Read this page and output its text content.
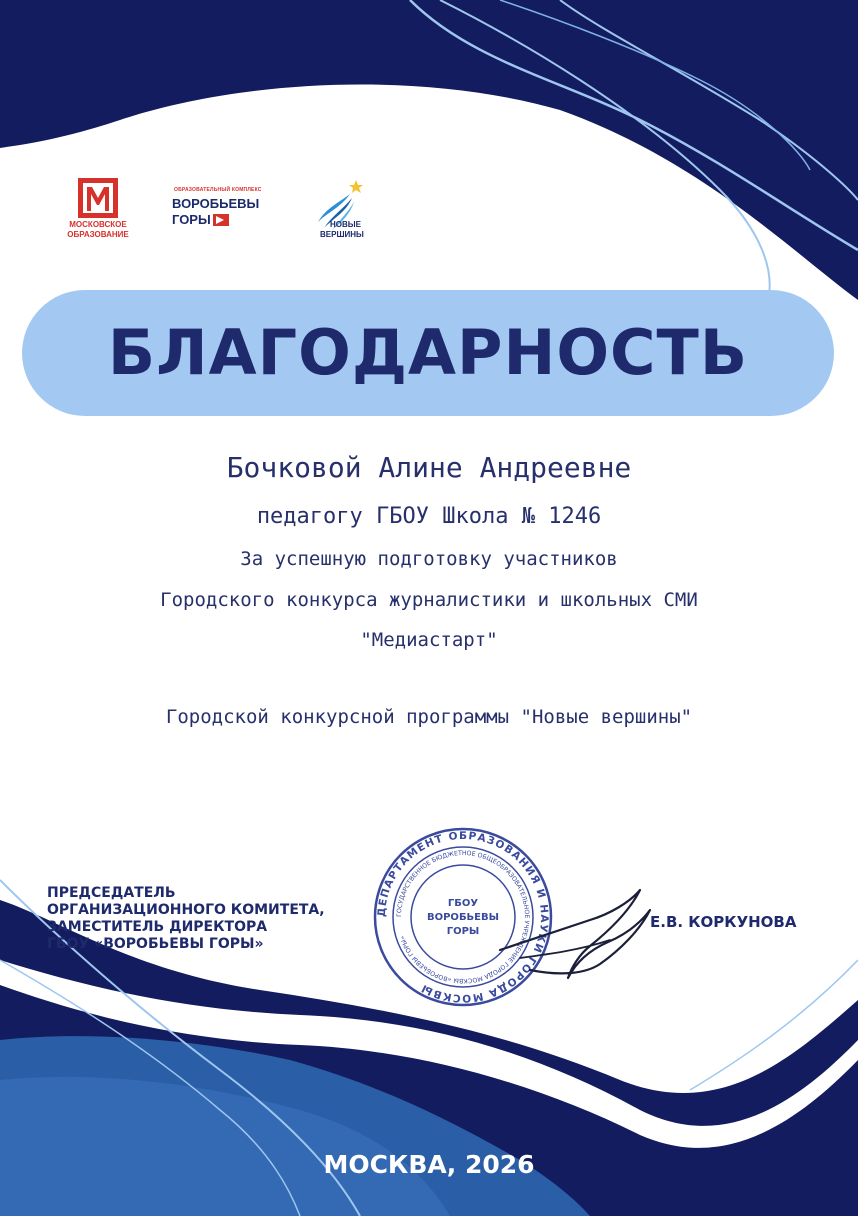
МОСКОВСКОЕ ОБРАЗОВАНИЕ
ОБРАЗОВАТЕЛЬНЫЙ КОМПЛЕКС
ВОРОБЬЕВЫ
ГОРЫ	НОВЫЕ
ВЕРШИНЫ
БЛАГОДАРНОСТЬ
Бочковой Алине Андреевне
педагогу ГБОУ Школа № 1246
За успешную подготовку участников
Городского конкурса журналистики и школьных СМИ
"Медиастарт"
Городской конкурсной программы "Новые вершины"
ПРЕДСЕДАТЕЛЬ
ОРГАНИЗАЦИОННОГО КОМИТЕТА,
ЗАМЕСТИТЕЛЬ ДИРЕКТОРА
ГБОУ «ВОРОБЬЕВЫ ГОРЫ»
ДЕПАРТАМЕНТ ОБРАЗОВАНИЯ И НАУКИ ГОРОДА МОСКВЫ
ГОСУДАРСТВЕННОЕ БЮДЖЕТНОЕ ОБЩЕОБРАЗОВАТЕЛЬНОЕ УЧРЕЖДЕНИЕ ГОРОДА МОСКВЫ «ВОРОБЬЕВЫ ГОРЫ»
ГБОУ
ВОРОБЬЕВЫ
ГОРЫ
Е.В. КОРКУНОВА
МОСКВА, 2026
